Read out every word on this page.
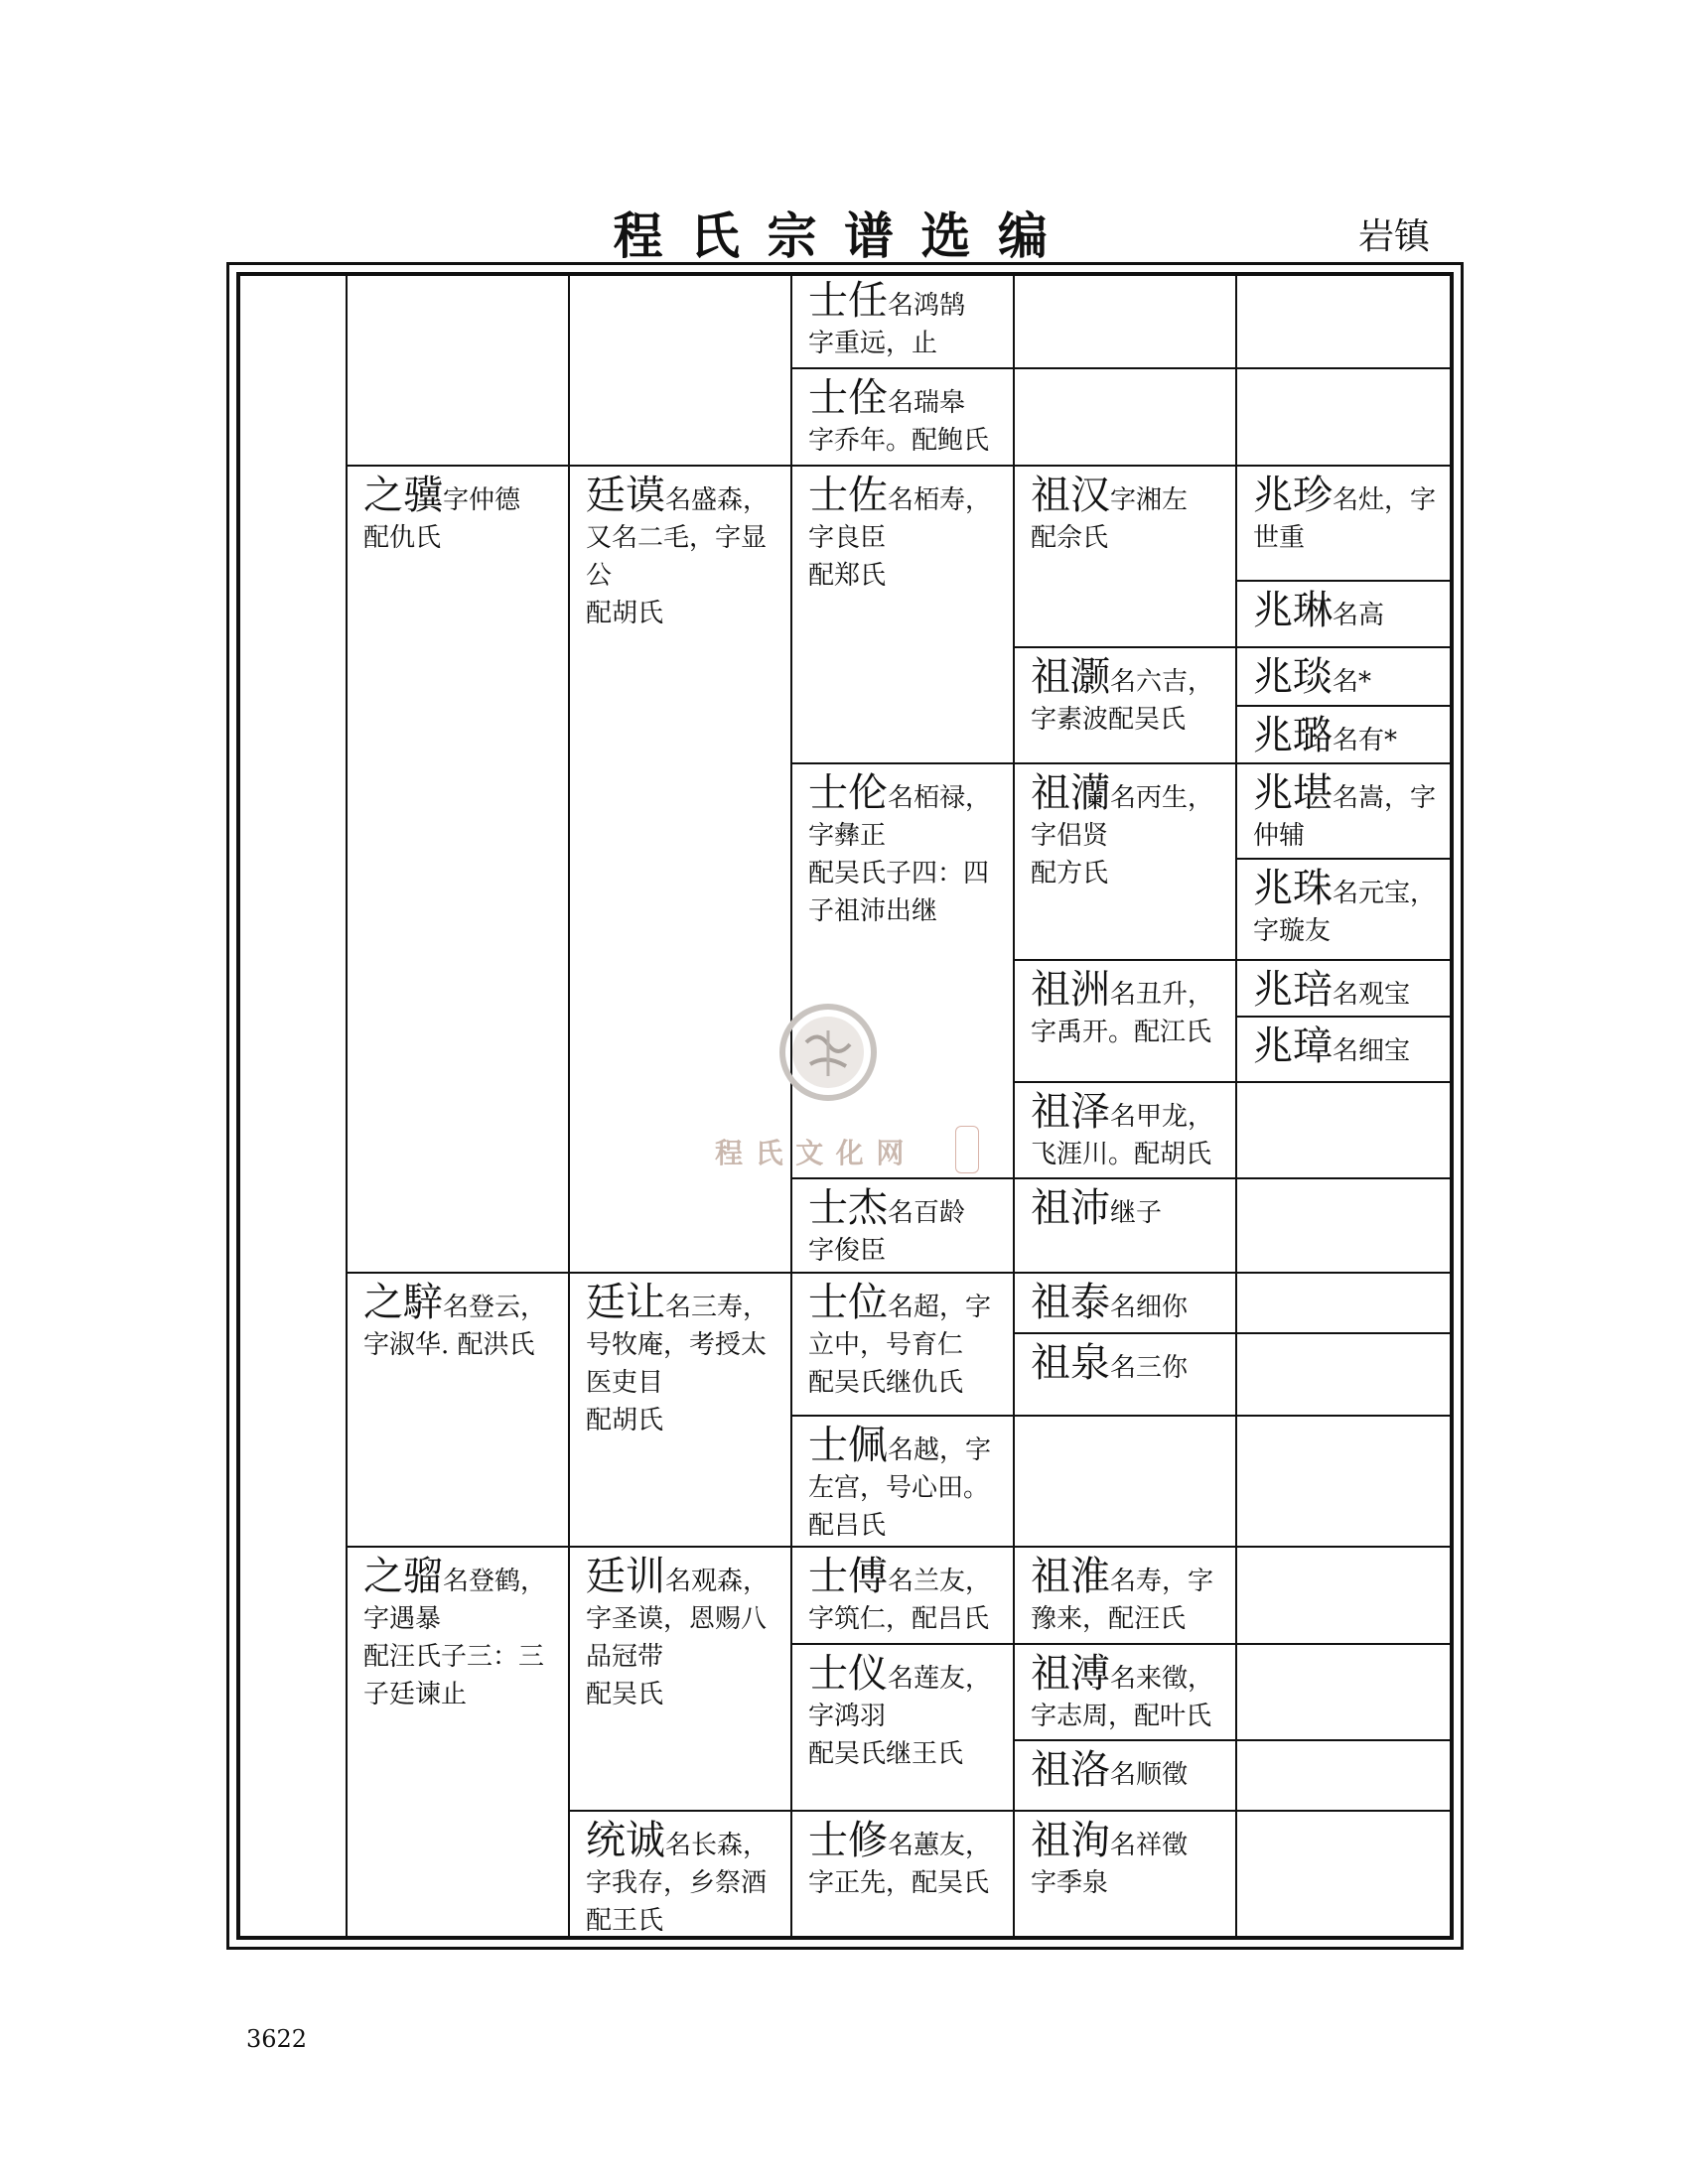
程氏宗谱选编	岩镇
程氏文化网
士任名鸿鹄
字重远，止
士佺名瑞皋
字乔年。配鲍氏
之骥字仲德
配仇氏
廷谟名盛森，
又名二毛，字显
公
配胡氏
士佐名栢寿，
字良臣
配郑氏
祖汉字湘左
配佘氏
兆珍名灶，字
世重
兆琳名高
祖灏名六吉，
字素波配吴氏
兆琰名*
兆璐名有*
士伦名栢禄，
字彝正
配吴氏子四：四
子祖沛出继
祖灡名丙生，
字侣贤
配方氏
兆堪名嵩，字
仲辅
兆珠名元宝，
字璇友
祖洲名丑升，
字禹开。配江氏
兆琣名观宝
兆璋名细宝
祖泽名甲龙，
飞涯川。配胡氏
士杰名百龄
字俊臣
祖沛继子
之騂名登云，
字淑华. 配洪氏
廷让名三寿，
号牧庵，考授太
医吏目
配胡氏
士位名超，字
立中，号育仁
配吴氏继仇氏
祖泰名细你
祖泉名三你
士佩名越，字
左宫，号心田。
配吕氏
之骝名登鹤，
字遇暴
配汪氏子三：三
子廷谏止
廷训名观森，
字圣谟，恩赐八
品冠带
配吴氏
士傅名兰友，
字筑仁，配吕氏
祖淮名寿，字
豫来，配汪氏
士仪名莲友，
字鸿羽
配吴氏继王氏
祖溥名来徵，
字志周，配叶氏
祖洛名顺徵
统诚名长森，
字我存，乡祭酒
配王氏
士修名蕙友，
字正先，配吴氏
祖洵名祥徵
字季泉
3622
